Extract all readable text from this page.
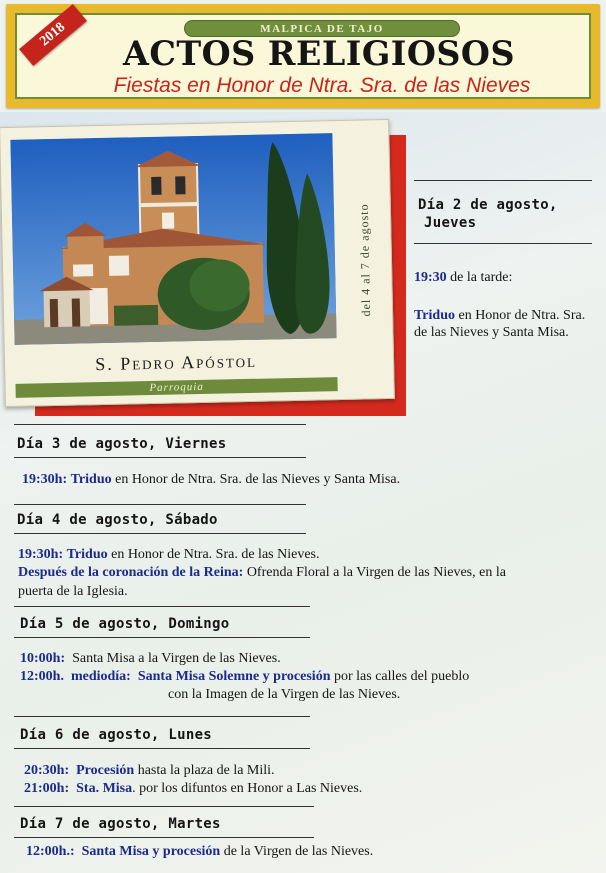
MALPICA DE TAJO
ACTOS RELIGIOSOS
Fiestas en Honor de Ntra. Sra. de las Nieves
2018
S. Pedro Apóstol
Parroquia
del 4 al 7 de agosto	Día 2 de agosto,
Jueves
19:30 de la tarde:
Triduo en Honor de Ntra. Sra. de las Nieves y Santa Misa.
Día 3 de agosto, Viernes
19:30h: Triduo en Honor de Ntra. Sra. de las Nieves y Santa Misa.
Día 4 de agosto, Sábado
19:30h: Triduo en Honor de Ntra. Sra. de las Nieves.
Después de la coronación de la Reina: Ofrenda Floral a la Virgen de las Nieves, en la
puerta de la Iglesia.
Día 5 de agosto, Domingo
10:00h: Santa Misa a la Virgen de las Nieves.
12:00h. mediodía: Santa Misa Solemne y procesión por las calles del pueblo
con la Imagen de la Virgen de las Nieves.
Día 6 de agosto, Lunes
20:30h: Procesión hasta la plaza de la Mili.
21:00h: Sta. Misa. por los difuntos en Honor a Las Nieves.
Día 7 de agosto, Martes
12:00h.: Santa Misa y procesión de la Virgen de las Nieves.
